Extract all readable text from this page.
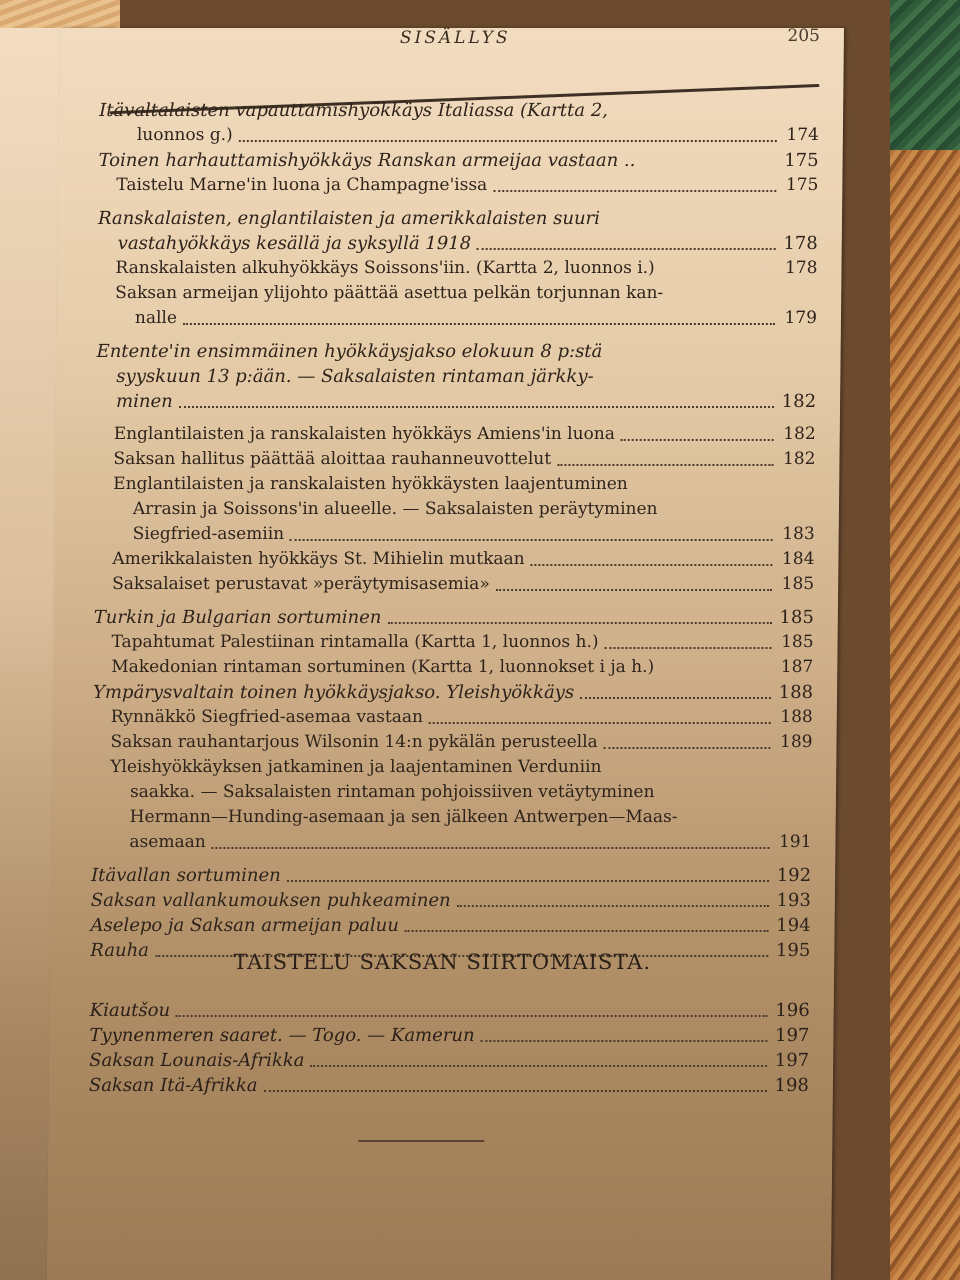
SISÄLLYS	205
Itävaltalaisten vapauttamishyökkäys Italiassa (Kartta 2,
luonnos g.)	174
Toinen harhauttamishyökkäys Ranskan armeijaa vastaan ..	175
Taistelu Marne'in luona ja Champagne'issa	175
Ranskalaisten, englantilaisten ja amerikkalaisten suuri
vastahyökkäys kesällä ja syksyllä 1918	178
Ranskalaisten alkuhyökkäys Soissons'iin. (Kartta 2, luonnos i.)	178
Saksan armeijan ylijohto päättää asettua pelkän torjunnan kan-
nalle	179
Entente'in ensimmäinen hyökkäysjakso elokuun 8 p:stä
syyskuun 13 p:ään. — Saksalaisten rintaman järkky-
minen	182
Englantilaisten ja ranskalaisten hyökkäys Amiens'in luona	182
Saksan hallitus päättää aloittaa rauhanneuvottelut	182
Englantilaisten ja ranskalaisten hyökkäysten laajentuminen
Arrasin ja Soissons'in alueelle. — Saksalaisten peräytyminen
Siegfried-asemiin	183
Amerikkalaisten hyökkäys St. Mihielin mutkaan	184
Saksalaiset perustavat »peräytymisasemia»	185
Turkin ja Bulgarian sortuminen	185
Tapahtumat Palestiinan rintamalla (Kartta 1, luonnos h.)	185
Makedonian rintaman sortuminen (Kartta 1, luonnokset i ja h.)	187
Ympärysvaltain toinen hyökkäysjakso. Yleishyökkäys	188
Rynnäkkö Siegfried-asemaa vastaan	188
Saksan rauhantarjous Wilsonin 14:n pykälän perusteella	189
Yleishyökkäyksen jatkaminen ja laajentaminen Verduniin
saakka. — Saksalaisten rintaman pohjoissiiven vetäytyminen
Hermann—Hunding-asemaan ja sen jälkeen Antwerpen—Maas-
asemaan	191
Itävallan sortuminen	192
Saksan vallankumouksen puhkeaminen	193
Aselepo ja Saksan armeijan paluu	194
Rauha	195
TAISTELU SAKSAN SIIRTOMAISTA.
Kiautšou	196
Tyynenmeren saaret. — Togo. — Kamerun	197
Saksan Lounais-Afrikka	197
Saksan Itä-Afrikka	198
